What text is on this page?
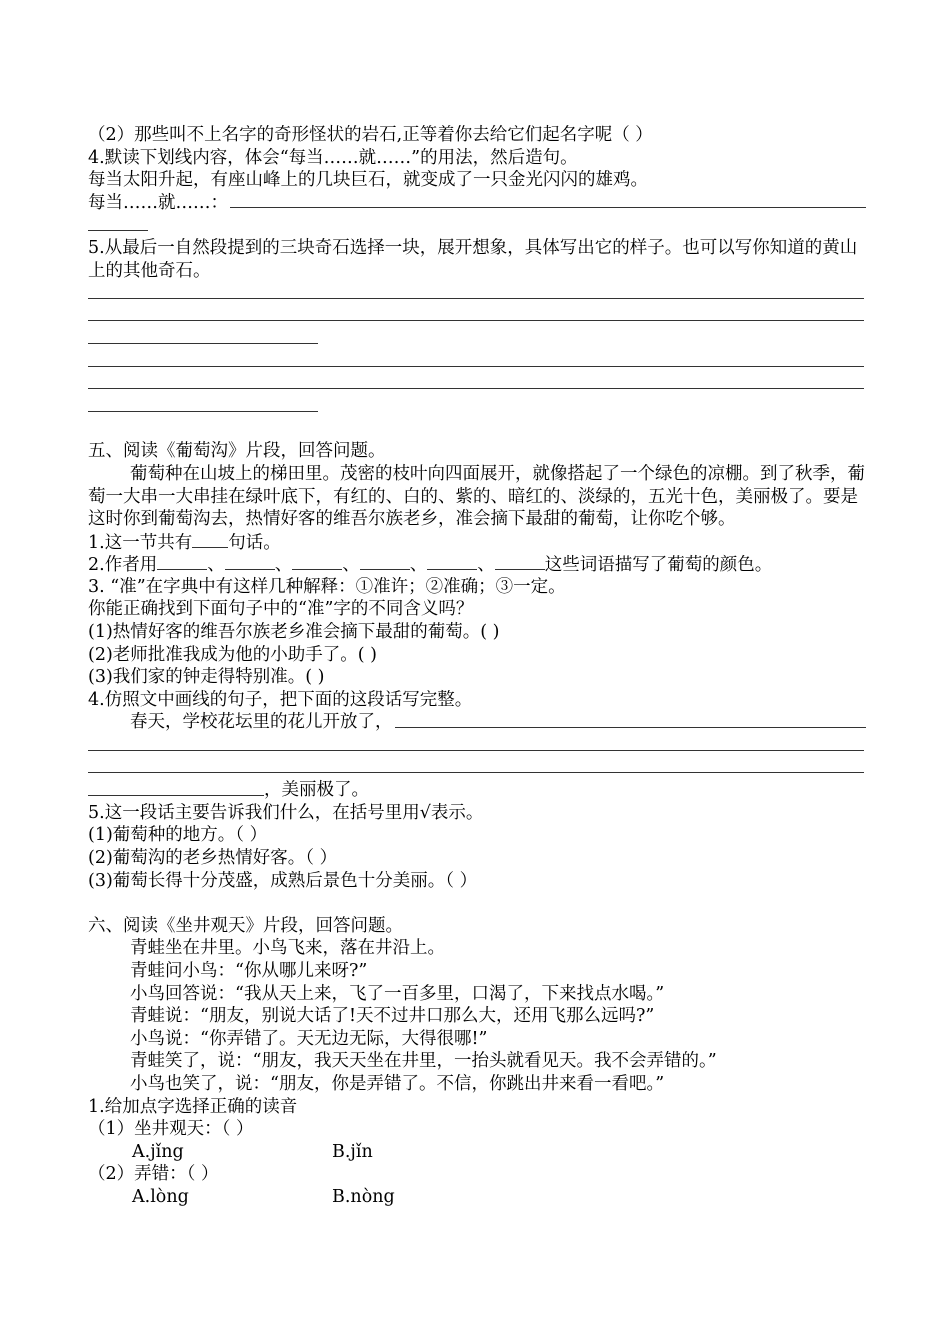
（2）那些叫不上名字的奇形怪状的岩石,正等着你去给它们起名字呢（ ）
4.默读下划线内容，体会“每当……就……”的用法，然后造句。
每当太阳升起，有座山峰上的几块巨石，就变成了一只金光闪闪的雄鸡。
每当……就……：
5.从最后一自然段提到的三块奇石选择一块，展开想象，具体写出它的样子。也可以写你知道的黄山上的其他奇石。
五、阅读《葡萄沟》片段，回答问题。
葡萄种在山坡上的梯田里。茂密的枝叶向四面展开，就像搭起了一个绿色的凉棚。到了秋季，葡萄一大串一大串挂在绿叶底下，有红的、白的、紫的、暗红的、淡绿的，五光十色，美丽极了。要是这时你到葡萄沟去，热情好客的维吾尔族老乡，准会摘下最甜的葡萄，让你吃个够。
1.这一节共有 句话。
2.作者用	、	、	、	、	、	这些词语描写了葡萄的颜色。
3. “准”在字典中有这样几种解释：①准许；②准确；③一定。
你能正确找到下面句子中的“准”字的不同含义吗？
(1)热情好客的维吾尔族老乡准会摘下最甜的葡萄。( )
(2)老师批准我成为他的小助手了。( )
(3)我们家的钟走得特别准。( )
4.仿照文中画线的句子，把下面的这段话写完整。
春天，学校花坛里的花儿开放了，
，美丽极了。
5.这一段话主要告诉我们什么，在括号里用√表示。
(1)葡萄种的地方。（ ）
(2)葡萄沟的老乡热情好客。（ ）
(3)葡萄长得十分茂盛，成熟后景色十分美丽。（ ）
六、阅读《坐井观天》片段，回答问题。
青蛙坐在井里。小鸟飞来，落在井沿上。
青蛙问小鸟：“你从哪儿来呀?”
小鸟回答说：“我从天上来，飞了一百多里，口渴了，下来找点水喝。”
青蛙说：“朋友，别说大话了!天不过井口那么大，还用飞那么远吗?”
小鸟说：“你弄错了。天无边无际，大得很哪!”
青蛙笑了，说：“朋友，我天天坐在井里，一抬头就看见天。我不会弄错的。”
小鸟也笑了，说：“朋友，你是弄错了。不信，你跳出井来看一看吧。”
1.给加点字选择正确的读音
（1）坐井观天：（ ）
A.jǐng	B.jǐn
（2）弄错：（ ）
A.lòng	B.nòng
